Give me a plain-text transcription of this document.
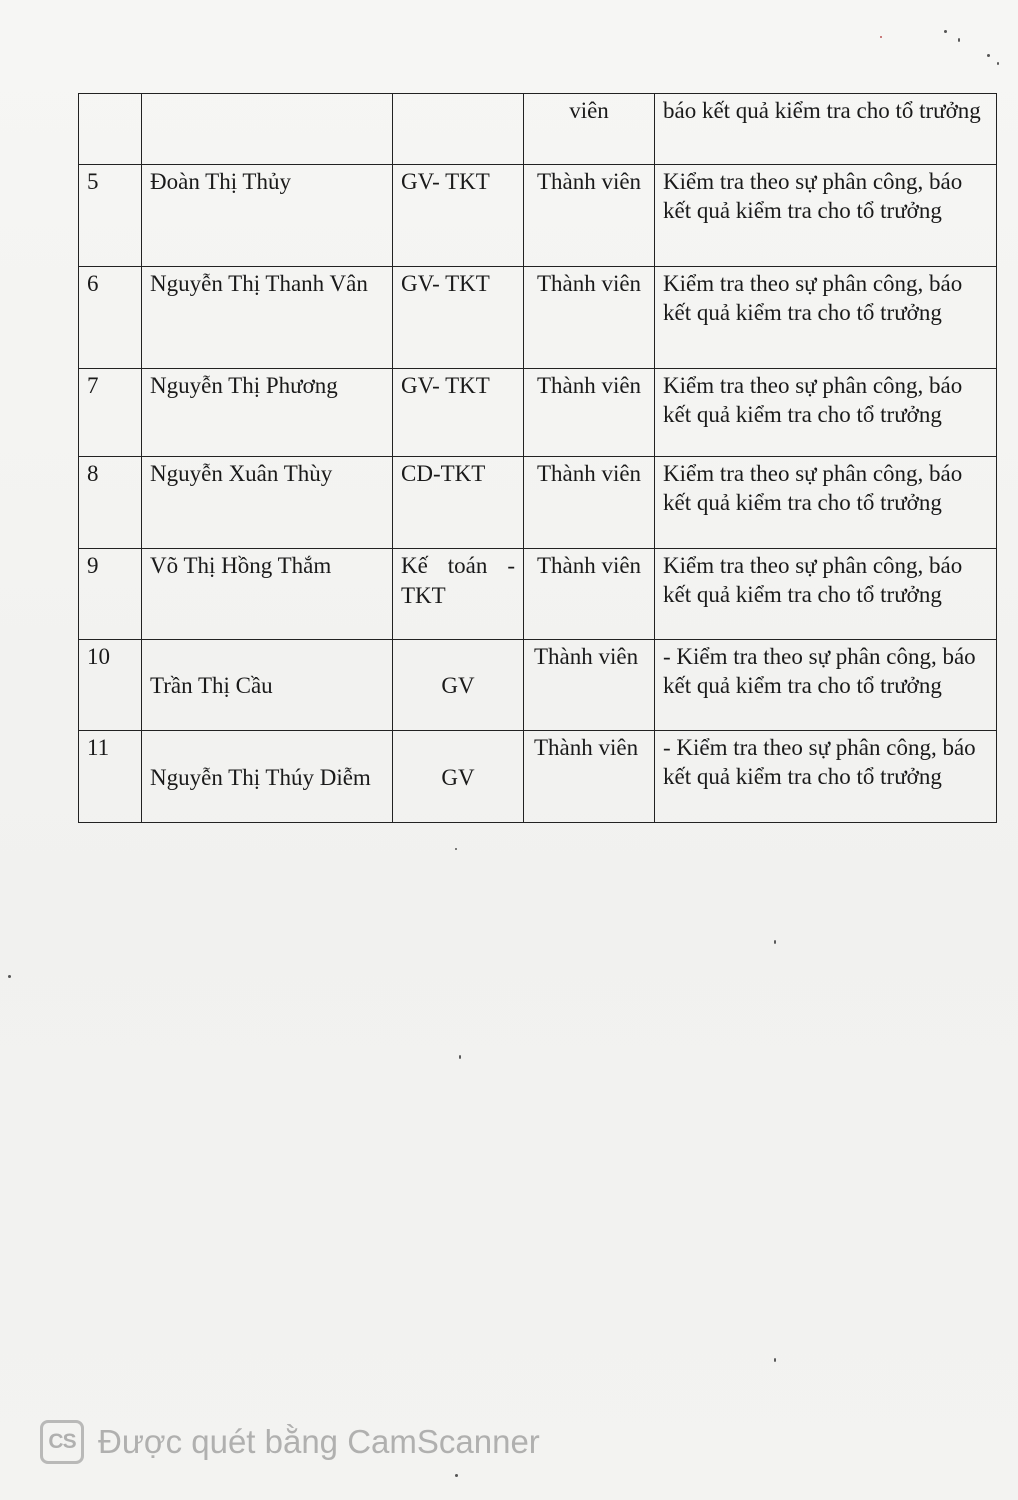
			viên	báo kết quả kiểm tra cho tổ trưởng
5	Đoàn Thị Thủy	GV- TKT	Thành viên	Kiểm tra theo sự phân công, báo kết quả kiểm tra cho tổ trưởng
6	Nguyễn Thị Thanh Vân	GV- TKT	Thành viên	Kiểm tra theo sự phân công, báo kết quả kiểm tra cho tổ trưởng
7	Nguyễn Thị Phương	GV- TKT	Thành viên	Kiểm tra theo sự phân công, báo kết quả kiểm tra cho tổ trưởng
8	Nguyễn Xuân Thùy	CD-TKT	Thành viên	Kiểm tra theo sự phân công, báo kết quả kiểm tra cho tổ trưởng
9	Võ Thị Hồng Thắm	Kế toán - TKT	Thành viên	Kiểm tra theo sự phân công, báo kết quả kiểm tra cho tổ trưởng
10	Trần Thị Cầu	GV	Thành viên	- Kiểm tra theo sự phân công, báo kết quả kiểm tra cho tổ trưởng
11	Nguyễn Thị Thúy Diễm	GV	Thành viên	- Kiểm tra theo sự phân công, báo kết quả kiểm tra cho tổ trưởng
CS Được quét bằng CamScanner
